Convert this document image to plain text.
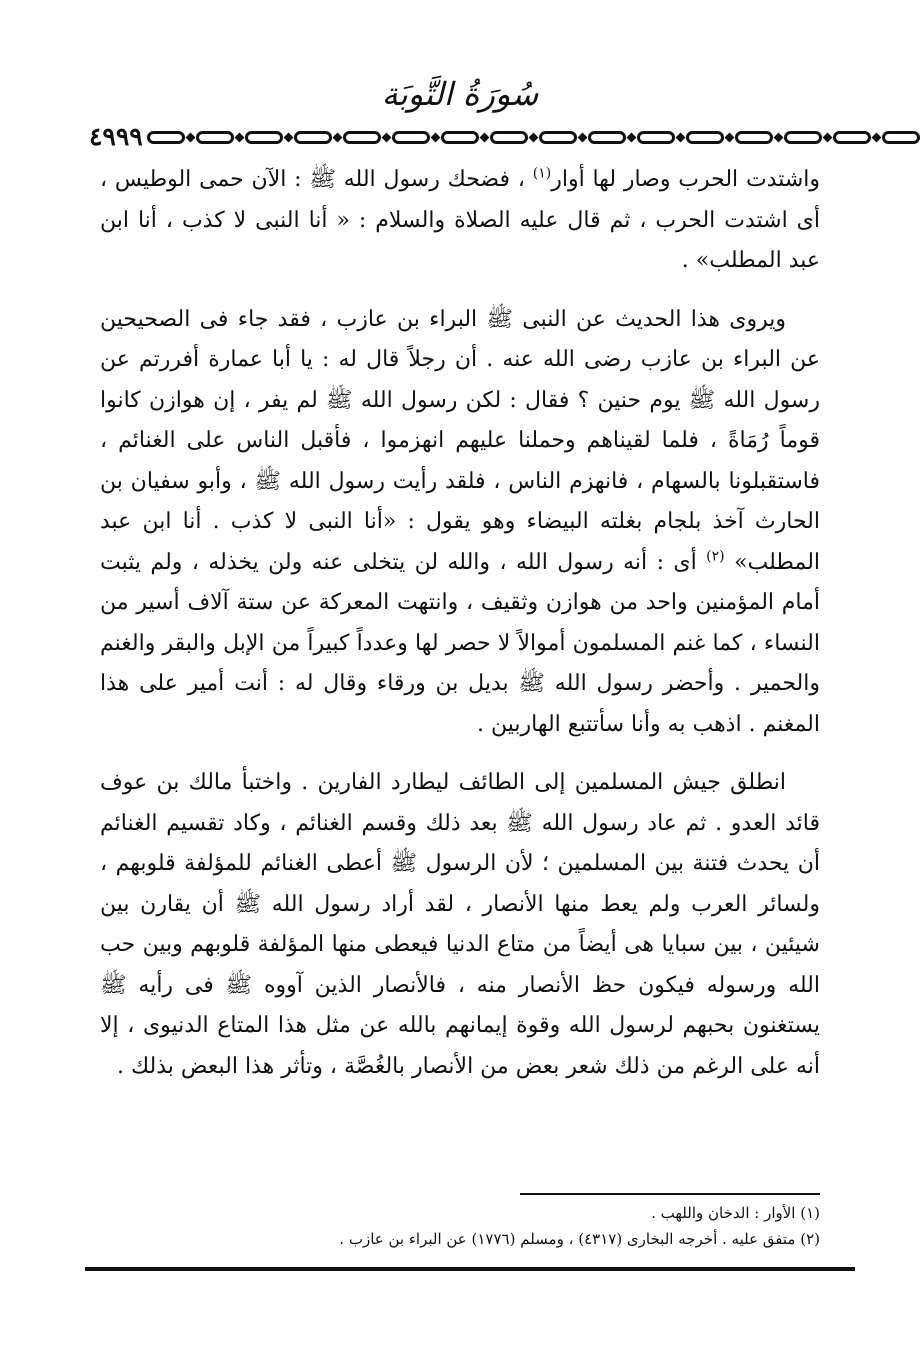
سُورَةُ التَّوبَة
٤٩٩٩

واشتدت الحرب وصار لها أوار$^{(١)}$ ، فضحك رسول الله ﷺ : الآن حمى الوطيس ، أى اشتدت الحرب ، ثم قال عليه الصلاة والسلام : « أنا النبى لا كذب ، أنا ابن عبد المطلب» .

ويروى هذا الحديث عن النبى ﷺ البراء بن عازب ، فقد جاء فى الصحيحين عن البراء بن عازب رضى الله عنه . أن رجلاً قال له : يا أبا عمارة أفررتم عن رسول الله ﷺ يوم حنين ؟ فقال : لكن رسول الله ﷺ لم يفر ، إن هوازن كانوا قوماً رُمَاةً ، فلما لقيناهم وحملنا عليهم انهزموا ، فأقبل الناس على الغنائم ، فاستقبلونا بالسهام ، فانهزم الناس ، فلقد رأيت رسول الله ﷺ ، وأبو سفيان بن الحارث آخذ بلجام بغلته البيضاء وهو يقول : «أنا النبى لا كذب . أنا ابن عبد المطلب» $^{(٢)}$ أى : أنه رسول الله ، والله لن يتخلى عنه ولن يخذله ، ولم يثبت أمام المؤمنين واحد من هوازن وثقيف ، وانتهت المعركة عن ستة آلاف أسير من النساء ، كما غنم المسلمون أموالاً لا حصر لها وعدداً كبيراً من الإبل والبقر والغنم والحمير . وأحضر رسول الله ﷺ بديل بن ورقاء وقال له : أنت أمير على هذا المغنم . اذهب به وأنا سأتتبع الهاربين .

انطلق جيش المسلمين إلى الطائف ليطارد الفارين . واختبأ مالك بن عوف قائد العدو . ثم عاد رسول الله ﷺ بعد ذلك وقسم الغنائم ، وكاد تقسيم الغنائم أن يحدث فتنة بين المسلمين ؛ لأن الرسول ﷺ أعطى الغنائم للمؤلفة قلوبهم ، ولسائر العرب ولم يعط منها الأنصار ، لقد أراد رسول الله ﷺ أن يقارن بين شيئين ، بين سبايا هى أيضاً من متاع الدنيا فيعطى منها المؤلفة قلوبهم وبين حب الله ورسوله فيكون حظ الأنصار منه ، فالأنصار الذين آووه ﷺ فى رأيه ﷺ يستغنون بحبهم لرسول الله وقوة إيمانهم بالله عن مثل هذا المتاع الدنيوى ، إلا أنه على الرغم من ذلك شعر بعض من الأنصار بالغُصَّة ، وتأثر هذا البعض بذلك .

(١) الأوار : الدخان واللهب .
(٢) متفق عليه . أخرجه البخارى (٤٣١٧) ، ومسلم (١٧٧٦) عن البراء بن عازب .
